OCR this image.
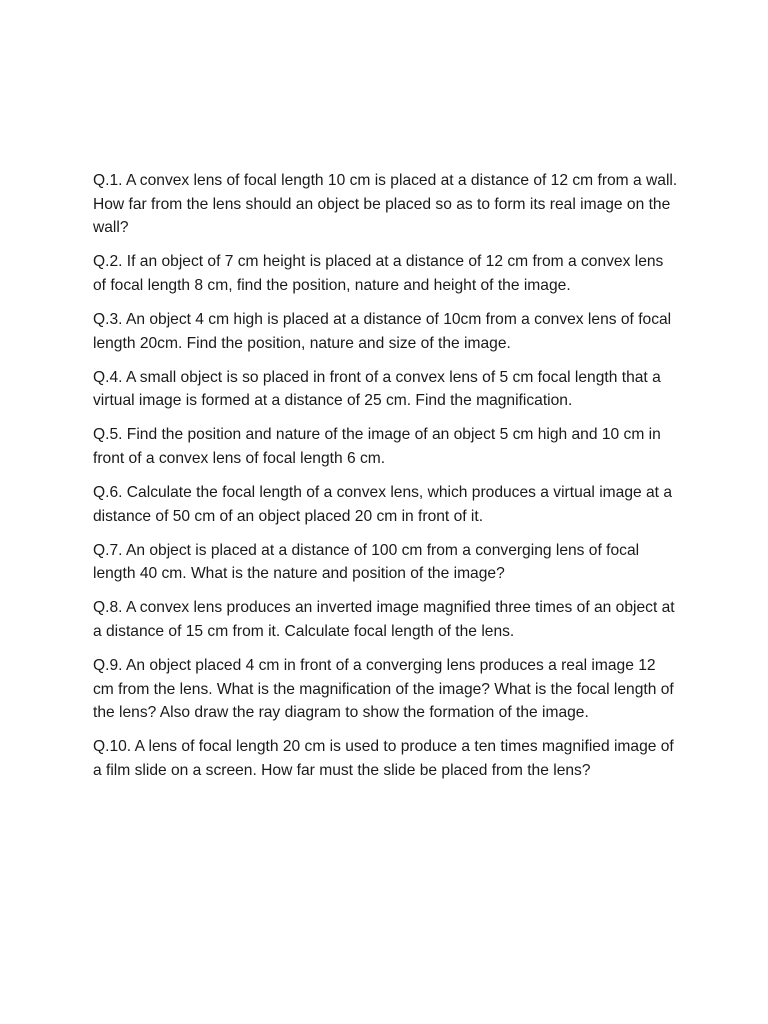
Q.1. A convex lens of focal length 10 cm is placed at a distance of 12 cm from a wall. How far from the lens should an object be placed so as to form its real image on the wall?
Q.2. If an object of 7 cm height is placed at a distance of 12 cm from a convex lens of focal length 8 cm, find the position, nature and height of the image.
Q.3. An object 4 cm high is placed at a distance of 10cm from a convex lens of focal length 20cm. Find the position, nature and size of the image.
Q.4. A small object is so placed in front of a convex lens of 5 cm focal length that a virtual image is formed at a distance of 25 cm. Find the magnification.
Q.5. Find the position and nature of the image of an object 5 cm high and 10 cm in front of a convex lens of focal length 6 cm.
Q.6. Calculate the focal length of a convex lens, which produces a virtual image at a distance of 50 cm of an object placed 20 cm in front of it.
Q.7. An object is placed at a distance of 100 cm from a converging lens of focal length 40 cm. What is the nature and position of the image?
Q.8. A convex lens produces an inverted image magnified three times of an object at a distance of 15 cm from it. Calculate focal length of the lens.
Q.9. An object placed 4 cm in front of a converging lens produces a real image 12 cm from the lens. What is the magnification of the image? What is the focal length of the lens? Also draw the ray diagram to show the formation of the image.
Q.10. A lens of focal length 20 cm is used to produce a ten times magnified image of a film slide on a screen. How far must the slide be placed from the lens?
